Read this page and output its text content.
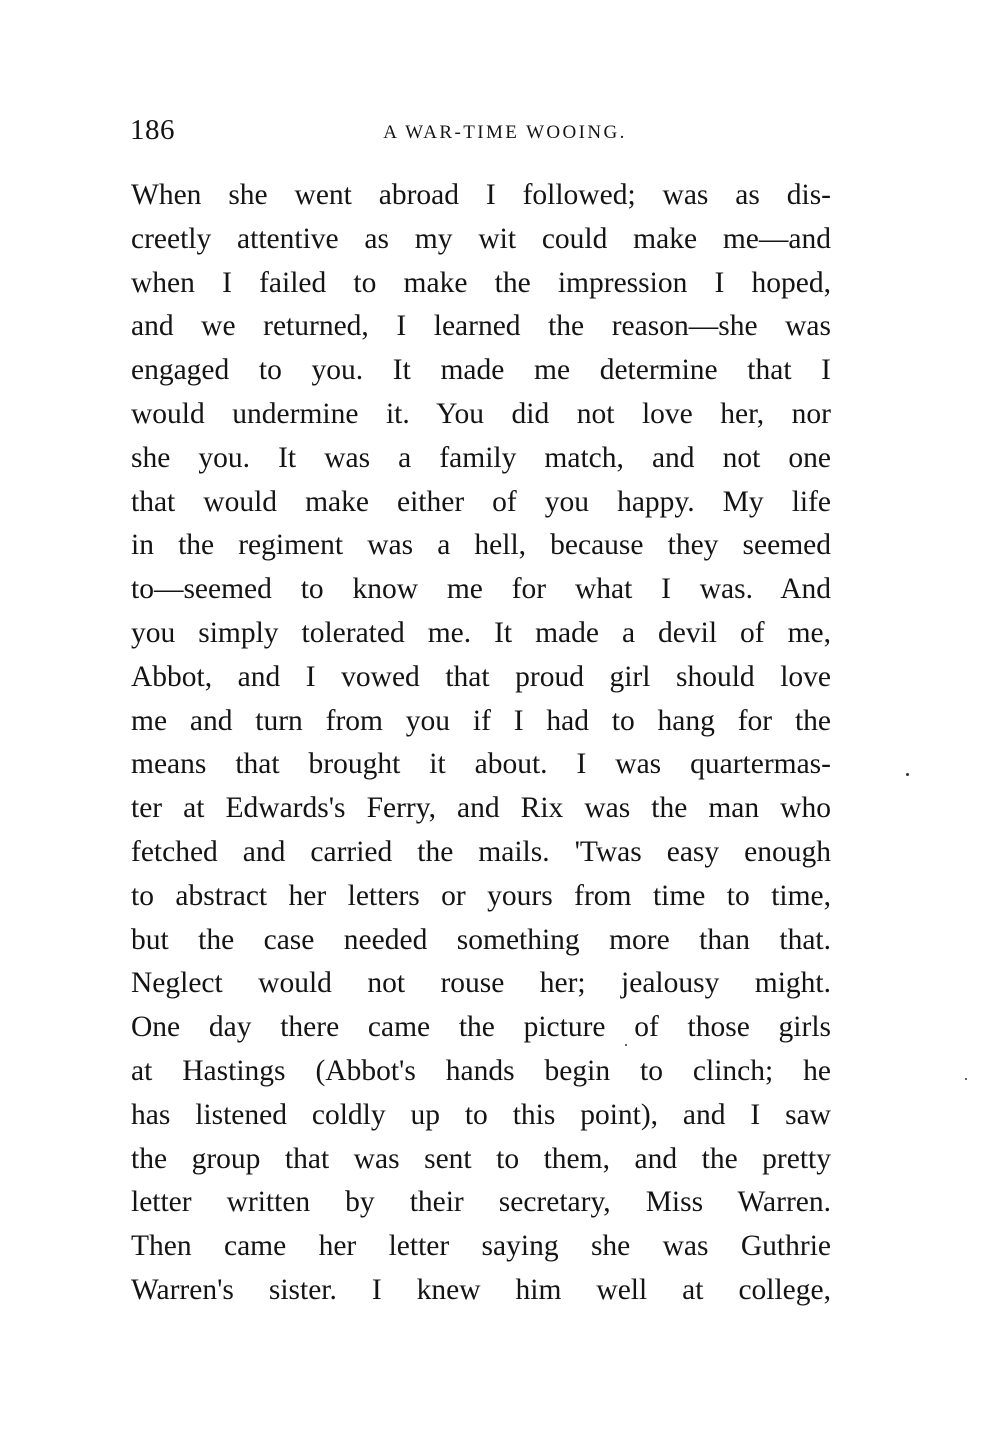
186	A WAR-TIME WOOING.
When she went abroad I followed; was as dis-
creetly attentive as my wit could make me—and
when I failed to make the impression I hoped,
and we returned, I learned the reason—she was
engaged to you. It made me determine that I
would undermine it. You did not love her, nor
she you. It was a family match, and not one
that would make either of you happy. My life
in the regiment was a hell, because they seemed
to—seemed to know me for what I was. And
you simply tolerated me. It made a devil of me,
Abbot, and I vowed that proud girl should love
me and turn from you if I had to hang for the
means that brought it about. I was quartermas-
ter at Edwards's Ferry, and Rix was the man who
fetched and carried the mails. 'Twas easy enough
to abstract her letters or yours from time to time,
but the case needed something more than that.
Neglect would not rouse her; jealousy might.
One day there came the picture of those girls
at Hastings (Abbot's hands begin to clinch; he
has listened coldly up to this point), and I saw
the group that was sent to them, and the pretty
letter written by their secretary, Miss Warren.
Then came her letter saying she was Guthrie
Warren's sister. I knew him well at college,
